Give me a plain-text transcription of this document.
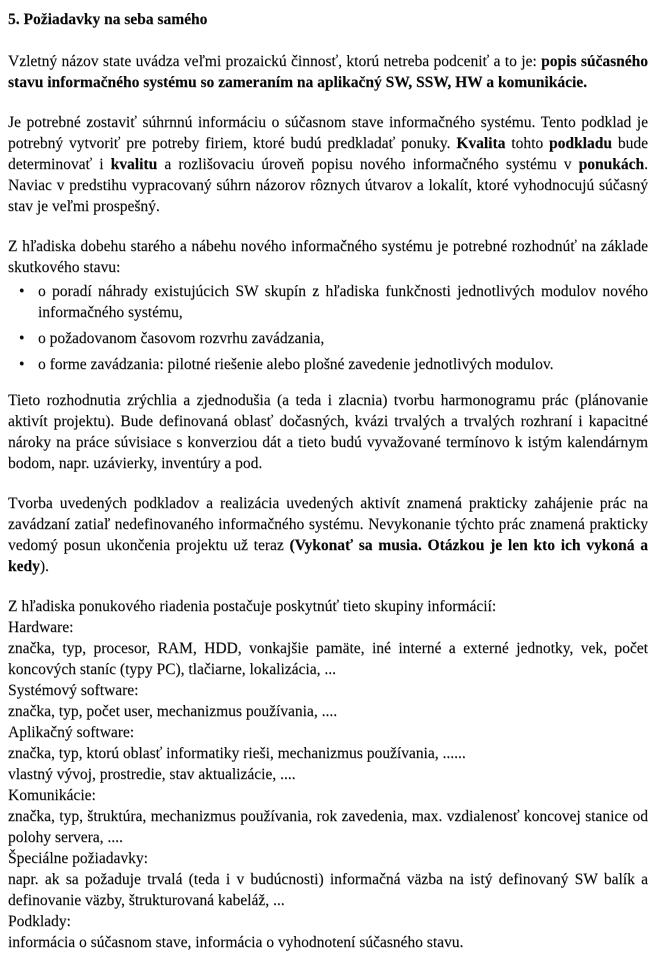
5. Požiadavky na seba samého

Vzletný názov state uvádza veľmi prozaickú činnosť, ktorú netreba podceniť a to je: popis súčasného stavu informačného systému so zameraním na aplikačný SW, SSW, HW a komunikácie.

Je potrebné zostaviť súhrnnú informáciu o súčasnom stave informačného systému. Tento podklad je potrebný vytvoriť pre potreby firiem, ktoré budú predkladať ponuky. Kvalita tohto podkladu bude determinovať i kvalitu a rozlišovaciu úroveň popisu nového informačného systému v ponukách. Naviac v predstihu vypracovaný súhrn názorov rôznych útvarov a lokalít, ktoré vyhodnocujú súčasný stav je veľmi prospešný.

Z hľadiska dobehu starého a nábehu nového informačného systému je potrebné rozhodnúť na základe skutkového stavu:

• o poradí náhrady existujúcich SW skupín z hľadiska funkčnosti jednotlivých modulov nového informačného systému,
• o požadovanom časovom rozvrhu zavádzania,
• o forme zavádzania: pilotné riešenie alebo plošné zavedenie jednotlivých modulov.

Tieto rozhodnutia zrýchlia a zjednodušia (a teda i zlacnia) tvorbu harmonogramu prác (plánovanie aktivít projektu). Bude definovaná oblasť dočasných, kvázi trvalých a trvalých rozhraní i kapacitné nároky na práce súvisiace s konverziou dát a tieto budú vyvažované termínovo k istým kalendárnym bodom, napr. uzávierky, inventúry a pod.

Tvorba uvedených podkladov a realizácia uvedených aktivít znamená prakticky zahájenie prác na zavádzaní zatiaľ nedefinovaného informačného systému. Nevykonanie týchto prác znamená prakticky vedomý posun ukončenia projektu už teraz (Vykonať sa musia. Otázkou je len kto ich vykoná a kedy).

Z hľadiska ponukového riadenia postačuje poskytnúť tieto skupiny informácií:

Hardware:

značka, typ, procesor, RAM, HDD, vonkajšie pamäte, iné interné a externé jednotky, vek, počet koncových staníc (typy PC), tlačiarne, lokalizácia, ...

Systémový software:

značka, typ, počet user, mechanizmus používania, ....

Aplikačný software:

značka, typ, ktorú oblasť informatiky rieši, mechanizmus používania, ......

vlastný vývoj, prostredie, stav aktualizácie, ....

Komunikácie:

značka, typ, štruktúra, mechanizmus používania, rok zavedenia, max. vzdialenosť koncovej stanice od polohy servera, ....

Špeciálne požiadavky:

napr. ak sa požaduje trvalá (teda i v budúcnosti) informačná väzba na istý definovaný SW balík a definovanie väzby, štrukturovaná kabeláž, ...

Podklady:

informácia o súčasnom stave, informácia o vyhodnotení súčasného stavu.
